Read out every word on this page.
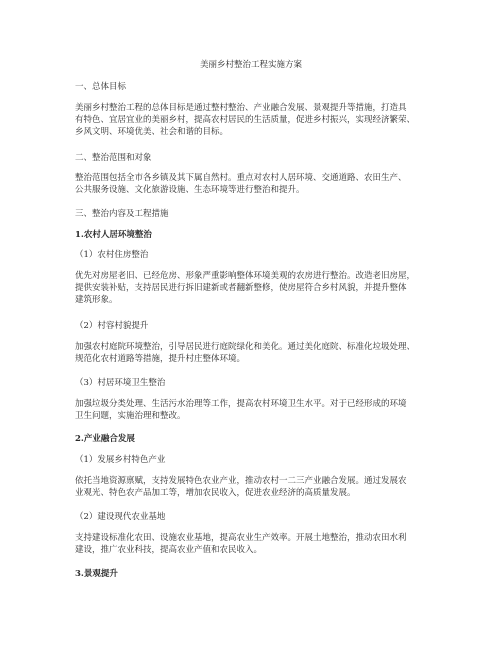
美丽乡村整治工程实施方案
一、总体目标
美丽乡村整治工程的总体目标是通过整村整治、产业融合发展、景观提升等措施，打造具
有特色、宜居宜业的美丽乡村，提高农村居民的生活质量，促进乡村振兴，实现经济繁荣、
乡风文明、环境优美、社会和谐的目标。
二、整治范围和对象
整治范围包括全市各乡镇及其下属自然村。重点对农村人居环境、交通道路、农田生产、
公共服务设施、文化旅游设施、生态环境等进行整治和提升。
三、整治内容及工程措施
1.农村人居环境整治
（1）农村住房整治
优先对房屋老旧、已经危房、形象严重影响整体环境美观的农房进行整治。改造老旧房屋，
提供安装补贴，支持居民进行拆旧建新或者翻新整修，使房屋符合乡村风貌，并提升整体
建筑形象。
（2）村容村貌提升
加强农村庭院环境整治，引导居民进行庭院绿化和美化。通过美化庭院、标准化垃圾处理、
规范化农村道路等措施，提升村庄整体环境。
（3）村居环境卫生整治
加强垃圾分类处理、生活污水治理等工作，提高农村环境卫生水平。对于已经形成的环境
卫生问题，实施治理和整改。
2.产业融合发展
（1）发展乡村特色产业
依托当地资源禀赋，支持发展特色农业产业，推动农村一二三产业融合发展。通过发展农
业观光、特色农产品加工等，增加农民收入，促进农业经济的高质量发展。
（2）建设现代农业基地
支持建设标准化农田、设施农业基地，提高农业生产效率。开展土地整治，推动农田水利
建设，推广农业科技，提高农业产值和农民收入。
3.景观提升
